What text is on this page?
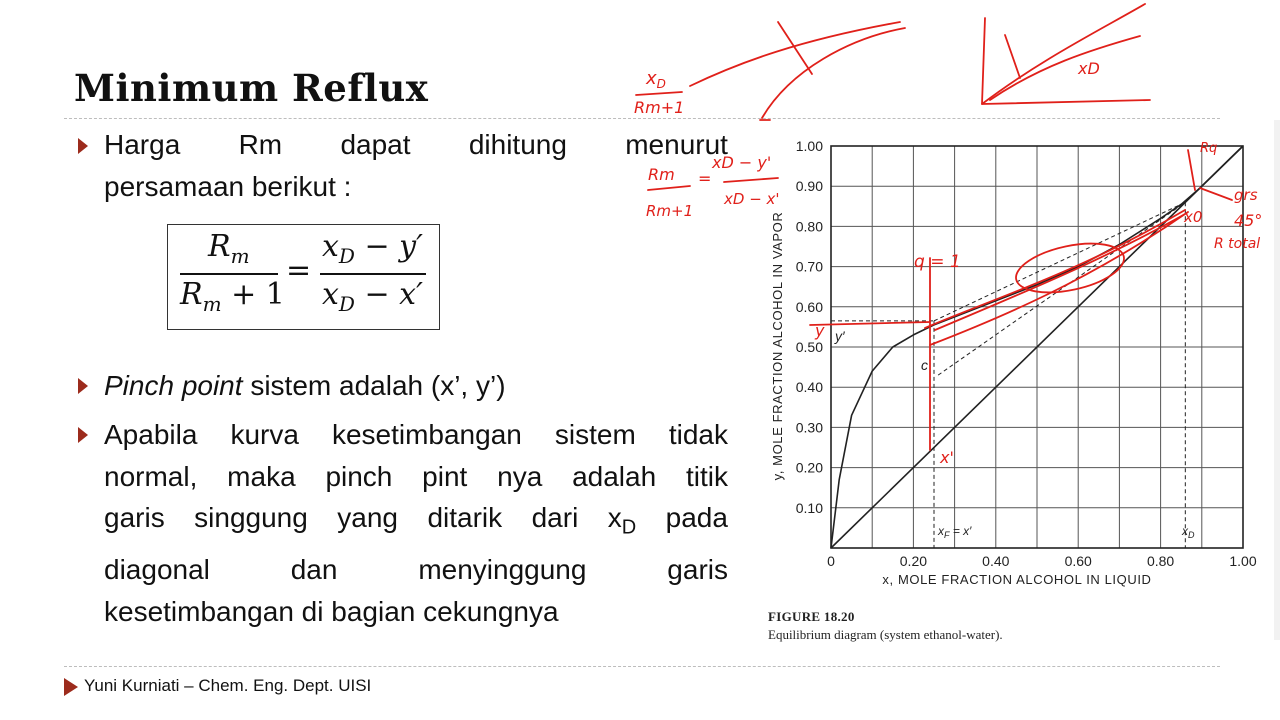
Minimum Reflux
Harga Rm dapat dihitung menurut
persamaan berikut :
$R_m$
$R_m + 1$
=
$x_D - y'$
$x_D - x'$
Pinch point sistem adalah (x’, y’)
Apabila kurva kesetimbangan sistem tidak
normal, maka pinch pint nya adalah titik
garis singgung yang ditarik dari $x_D$ pada
diagonal	dan	menyinggung	garis
kesetimbangan di bagian cekungnya
0	0.20	0.40	0.60	0.80	1.00
1.00
0.90
0.80
0.70
0.60
0.50
0.40
0.30
0.20
0.10
x, MOLE FRACTION ALCOHOL IN LIQUID
y, MOLE FRACTION ALCOHOL IN VAPOR	y′
c
$x_F = x'$	$x_D$
FIGURE 18.20
Equilibrium diagram (system ethanol-water).
$x_D$
Rm+1
xD
Rm
Rm+1
=
xD − y'
xD − x'
q = 1
y
x'
Rq
grs
45°
R total
x0
Yuni Kurniati – Chem. Eng. Dept. UISI
